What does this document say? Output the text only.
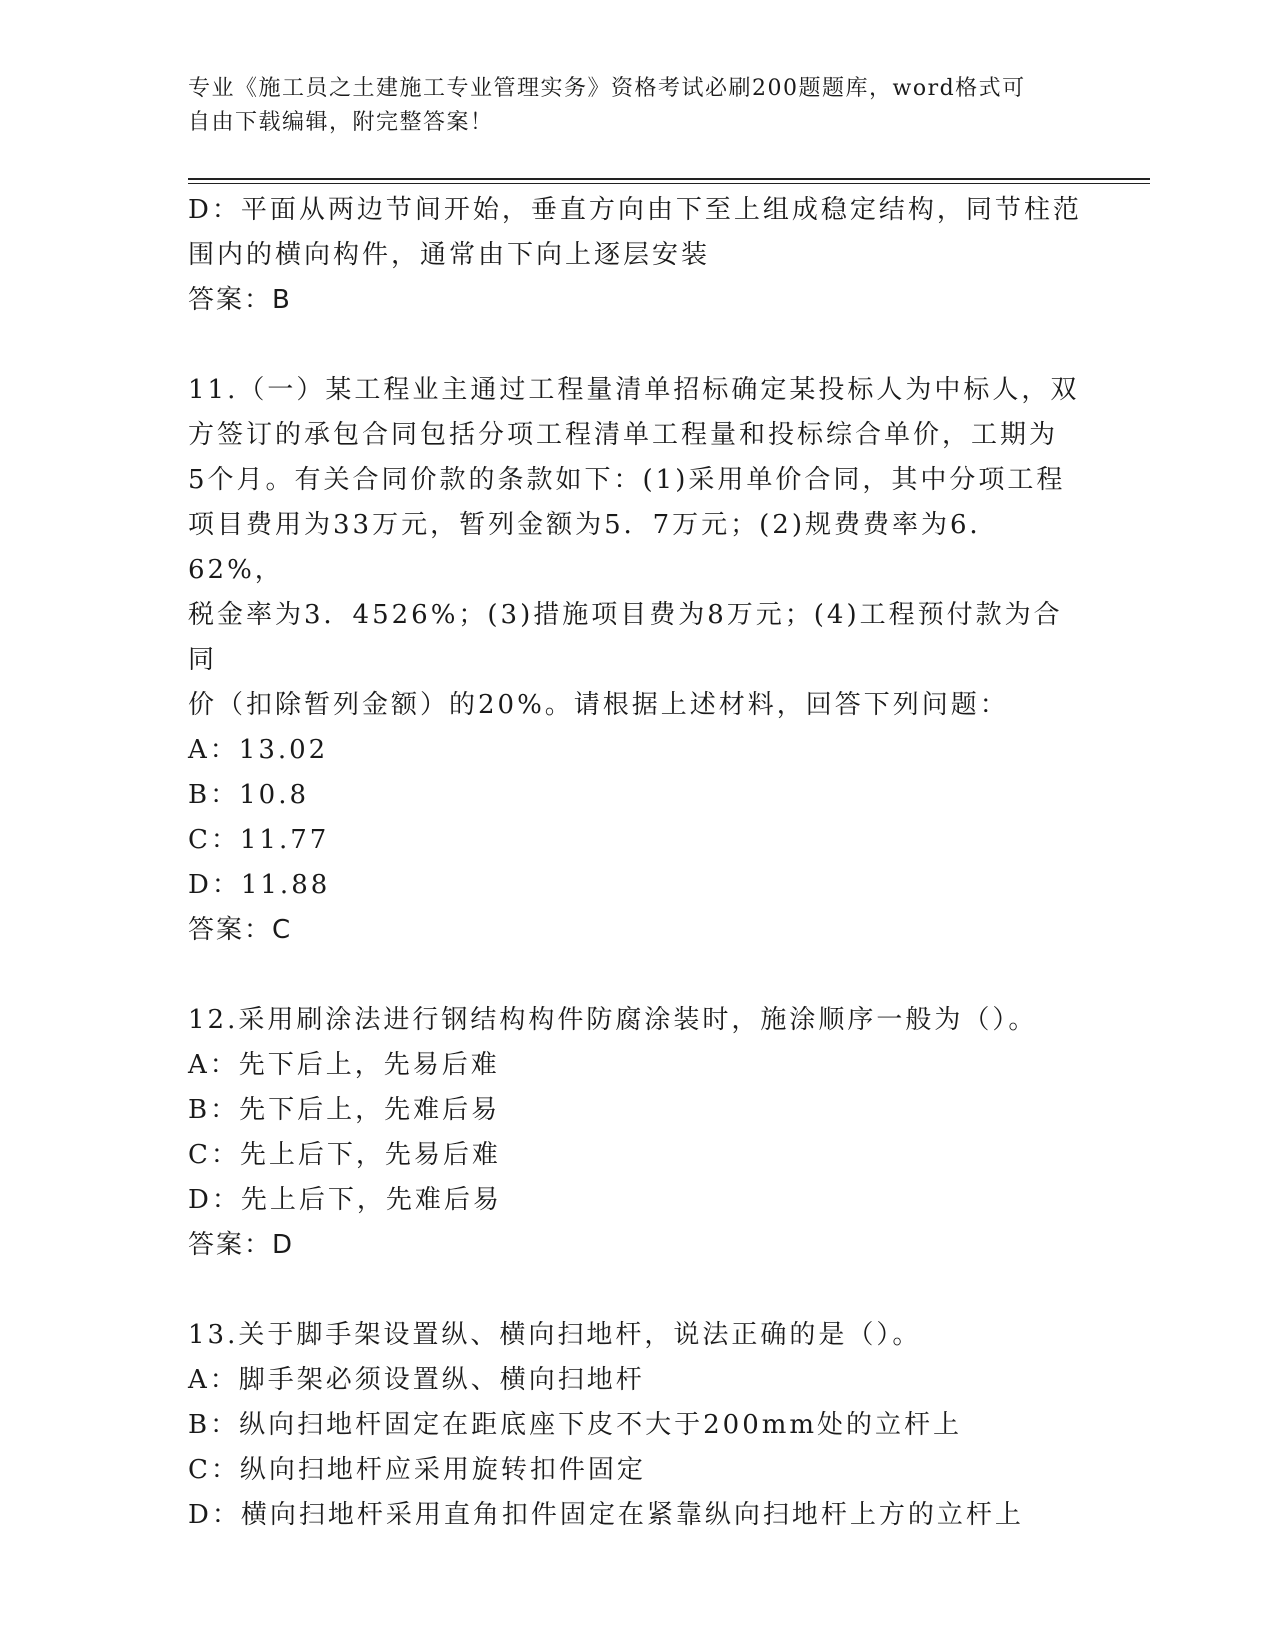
专业《施工员之土建施工专业管理实务》资格考试必刷200题题库，word格式可
自由下载编辑，附完整答案！
D：平面从两边节间开始，垂直方向由下至上组成稳定结构，同节柱范
围内的横向构件，通常由下向上逐层安装
答案：B
11.（一）某工程业主通过工程量清单招标确定某投标人为中标人，双
方签订的承包合同包括分项工程清单工程量和投标综合单价，工期为
5个月。有关合同价款的条款如下：(1)采用单价合同，其中分项工程
项目费用为33万元，暂列金额为5．7万元；(2)规费费率为6．62%，
税金率为3．4526%；(3)措施项目费为8万元；(4)工程预付款为合同
价（扣除暂列金额）的20%。请根据上述材料，回答下列问题：
A：13.02
B：10.8
C：11.77
D：11.88
答案：C
12.采用刷涂法进行钢结构构件防腐涂装时，施涂顺序一般为（）。
A：先下后上，先易后难
B：先下后上，先难后易
C：先上后下，先易后难
D：先上后下，先难后易
答案：D
13.关于脚手架设置纵、横向扫地杆，说法正确的是（）。
A：脚手架必须设置纵、横向扫地杆
B：纵向扫地杆固定在距底座下皮不大于200mm处的立杆上
C：纵向扫地杆应采用旋转扣件固定
D：横向扫地杆采用直角扣件固定在紧靠纵向扫地杆上方的立杆上
